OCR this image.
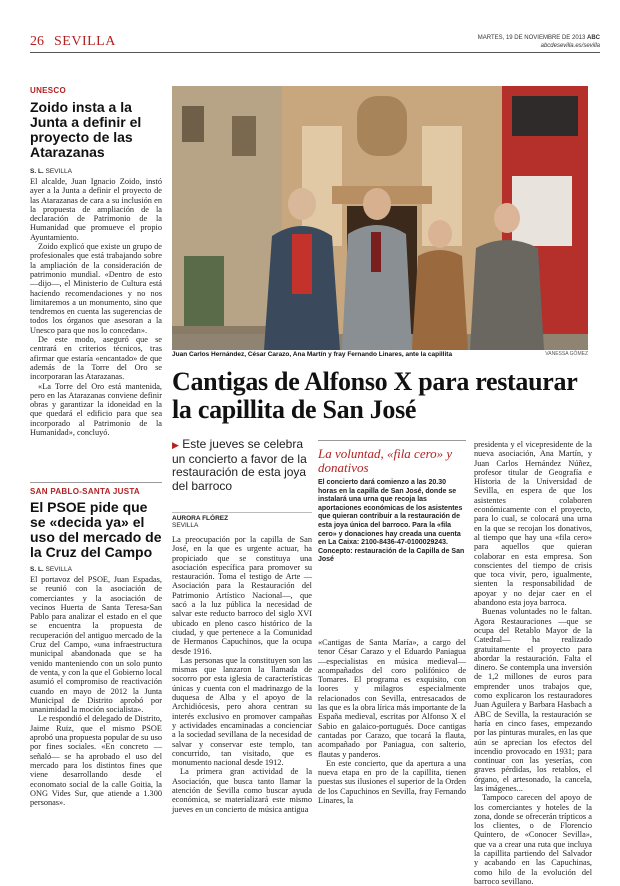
26 SEVILLA	MARTES, 19 DE NOVIEMBRE DE 2013 ABC
abcdesevilla.es/sevilla
UNESCO
Zoido insta a la Junta a definir el proyecto de las Atarazanas
S. L. SEVILLA

El alcalde, Juan Ignacio Zoido, instó ayer a la Junta a definir el proyecto de las Atarazanas de cara a su inclusión en la propuesta de ampliación de la declaración de Patrimonio de la Humanidad que promueve el propio Ayuntamiento.

Zoido explicó que existe un grupo de profesionales que está trabajando sobre la ampliación de la consideración de patrimonio mundial. «Dentro de esto —dijo—, el Ministerio de Cultura está haciendo recomendaciones y no nos limitaremos a un monumento, sino que tendremos en cuenta las sugerencias de todos los órganos que asesoran a la Unesco para que nos lo concedan».

De este modo, aseguró que se centrará en criterios técnicos, tras afirmar que estaría «encantado» de que además de la Torre del Oro se incorporaran las Atarazanas.

«La Torre del Oro está mantenida, pero en las Atarazanas conviene definir obras y garantizar la idoneidad en la que quedará el edificio para que sea incorporado al Patrimonio de la Humanidad», concluyó.

SAN PABLO-SANTA JUSTA
El PSOE pide que se «decida ya» el uso del mercado de la Cruz del Campo
S. L. SEVILLA

El portavoz del PSOE, Juan Espadas, se reunió con la asociación de comerciantes y la asociación de vecinos Huerta de Santa Teresa-San Pablo para analizar el estado en el que se encuentra la propuesta de recuperación del antiguo mercado de la Cruz del Campo, «una infraestructura municipal abandonada que se ha venido manteniendo con un solo punto de venta, y con la que el Gobierno local asumió el compromiso de reactivación cuando en mayo de 2012 la Junta Municipal de Distrito aprobó por unanimidad la moción socialista».

Le respondió el delegado de Distrito, Jaime Ruiz, que el mismo PSOE aprobó una propuesta popular de su uso por fines sociales. «En concreto —señaló— se ha aprobado el uso del mercado para los distintos fines que viene desarrollando desde el economato social de la calle Goitia, la ONG Vides Sur, que atiende a 1.300 personas».

Juan Carlos Hernández, César Carazo, Ana Martín y fray Fernando Linares, ante la capillita	VANESSA GÓMEZ
Cantigas de Alfonso X para restaurar la capillita de San José
▶ Este jueves se celebra un concierto a favor de la restauración de esta joya del barroco
La voluntad, «fila cero» y donativos
El concierto dará comienzo a las 20.30 horas en la capilla de San José, donde se instalará una urna que recoja las aportaciones económicas de los asistentes que quieran contribuir a la restauración de esta joya única del barroco. Para la «fila cero» y donaciones hay creada una cuenta en La Caixa: 2100-8436-47-0100029243. Concepto: restauración de la Capilla de San José
AURORA FLÓREZ
SEVILLA

La preocupación por la capilla de San José, en la que es urgente actuar, ha propiciado que se constituya una asociación específica para promover su restauración. Toma el testigo de Arte —Asociación para la Restauración del Patrimonio Artístico Nacional—, que sacó a la luz pública la necesidad de salvar este reducto barroco del siglo XVI ubicado en pleno casco histórico de la ciudad, y que pertenece a la Comunidad de Hermanos Capuchinos, que la ocupa desde 1916.

Las personas que la constituyen son las mismas que lanzaron la llamada de socorro por esta iglesia de características únicas y cuenta con el madrinazgo de la duquesa de Alba y el apoyo de la Archidiócesis, pero ahora centran su interés exclusivo en promover campañas y actividades encaminadas a concienciar a la sociedad sevillana de la necesidad de salvar y conservar este templo, tan concurrido, tan visitado, que es monumento nacional desde 1912.

La primera gran actividad de la Asociación, que busca tanto llamar la atención de Sevilla como buscar ayuda económica, se materializará este mismo jueves en un concierto de música antigua

«Cantigas de Santa María», a cargo del tenor César Carazo y el Eduardo Paniagua —especialistas en música medieval— acompañados del coro polifónico de Tomares. El programa es exquisito, con loores y milagros especialmente relacionados con Sevilla, entresacados de las que es la obra lírica más importante de la España medieval, escritas por Alfonso X el Sabio en galaico-portugués. Doce cantigas cantadas por Carazo, que tocará la flauta, acompañado por Paniagua, con salterio, flautas y panderos.

En este concierto, que da apertura a una nueva etapa en pro de la capillita, tienen puestas sus ilusiones el superior de la Orden de los Capuchinos en Sevilla, fray Fernando Linares, la

presidenta y el vicepresidente de la nueva asociación, Ana Martín, y Juan Carlos Hernández Núñez, profesor titular de Geografía e Historia de la Universidad de Sevilla, en espera de que los asistentes colaboren económicamente con el proyecto, para lo cual, se colocará una urna en la que se recojan los donativos, al tiempo que hay una «fila cero» para aquellos que quieran colaborar en esta empresa. Son conscientes del tiempo de crisis que toca vivir, pero, igualmente, sienten la responsabilidad de apoyar y no dejar caer en el abandono esta joya barroca.

Buenas voluntades no le faltan. Agora Restauraciones —que se ocupa del Retablo Mayor de la Catedral— ha realizado gratuitamente el proyecto para abordar la restauración. Falta el dinero. Se contempla una inversión de 1,2 millones de euros para emprender unos trabajos que, como explicaron los restauradores Juan Aguilera y Barbara Hasbach a ABC de Sevilla, la restauración se haría en cinco fases, empezando por las pinturas murales, en las que aún se aprecian los efectos del incendio provocado en 1931; para continuar con las yeserías, con graves pérdidas, los retablos, el órgano, el artesonado, la cancela, las imágenes...

Tampoco carecen del apoyo de los comerciantes y hoteles de la zona, donde se ofrecerán trípticos a los clientes, o de Florencio Quintero, de «Conocer Sevilla», que va a crear una ruta que incluya la capillita partiendo del Salvador y acabando en las Capuchinas, como hilo de la evolución del barroco sevillano.
